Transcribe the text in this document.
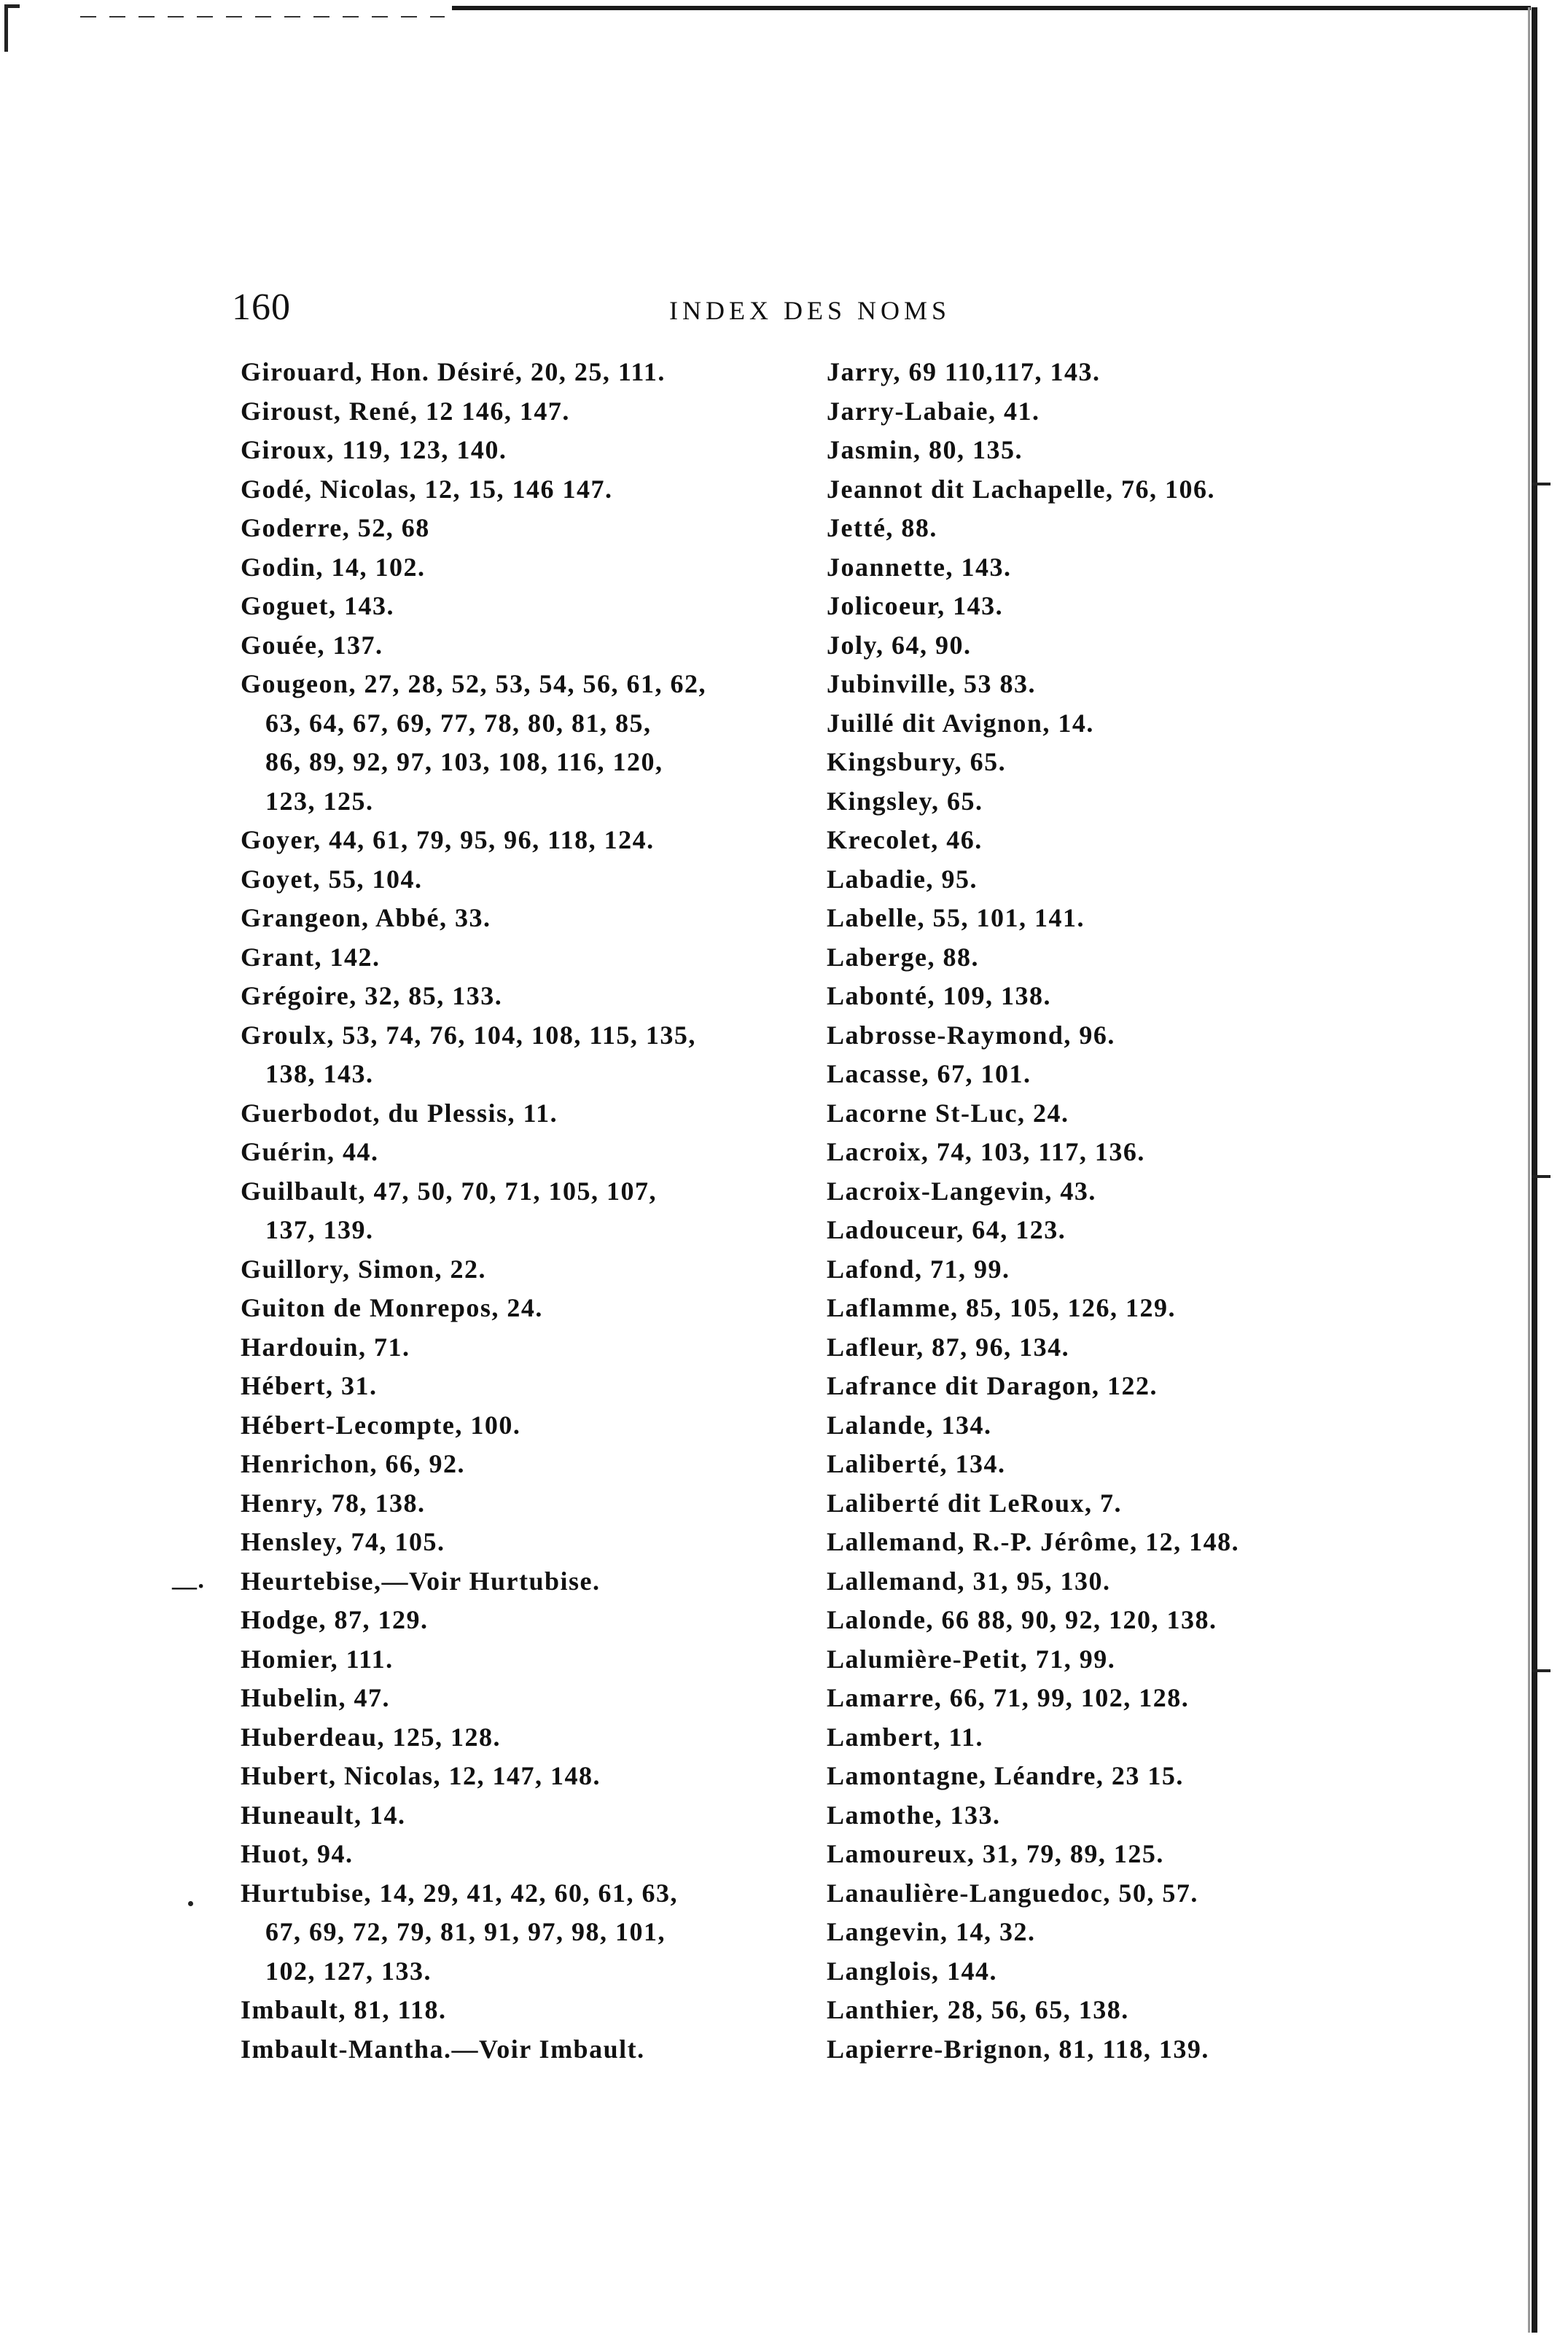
160	INDEX DES NOMS
Girouard, Hon. Désiré, 20, 25, 111.
Giroust, René, 12 146, 147.
Giroux, 119, 123, 140.
Godé, Nicolas, 12, 15, 146 147.
Goderre, 52, 68
Godin, 14, 102.
Goguet, 143.
Gouée, 137.
Gougeon, 27, 28, 52, 53, 54, 56, 61, 62,
63, 64, 67, 69, 77, 78, 80, 81, 85,
86, 89, 92, 97, 103, 108, 116, 120,
123, 125.
Goyer, 44, 61, 79, 95, 96, 118, 124.
Goyet, 55, 104.
Grangeon, Abbé, 33.
Grant, 142.
Grégoire, 32, 85, 133.
Groulx, 53, 74, 76, 104, 108, 115, 135,
138, 143.
Guerbodot, du Plessis, 11.
Guérin, 44.
Guilbault, 47, 50, 70, 71, 105, 107,
137, 139.
Guillory, Simon, 22.
Guiton de Monrepos, 24.
Hardouin, 71.
Hébert, 31.
Hébert-Lecompte, 100.
Henrichon, 66, 92.
Henry, 78, 138.
Hensley, 74, 105.
Heurtebise,—Voir Hurtubise.
Hodge, 87, 129.
Homier, 111.
Hubelin, 47.
Huberdeau, 125, 128.
Hubert, Nicolas, 12, 147, 148.
Huneault, 14.
Huot, 94.
Hurtubise, 14, 29, 41, 42, 60, 61, 63,
67, 69, 72, 79, 81, 91, 97, 98, 101,
102, 127, 133.
Imbault, 81, 118.
Imbault-Mantha.—Voir Imbault.
Jarry, 69 110,117, 143.
Jarry-Labaie, 41.
Jasmin, 80, 135.
Jeannot dit Lachapelle, 76, 106.
Jetté, 88.
Joannette, 143.
Jolicoeur, 143.
Joly, 64, 90.
Jubinville, 53 83.
Juillé dit Avignon, 14.
Kingsbury, 65.
Kingsley, 65.
Krecolet, 46.
Labadie, 95.
Labelle, 55, 101, 141.
Laberge, 88.
Labonté, 109, 138.
Labrosse-Raymond, 96.
Lacasse, 67, 101.
Lacorne St-Luc, 24.
Lacroix, 74, 103, 117, 136.
Lacroix-Langevin, 43.
Ladouceur, 64, 123.
Lafond, 71, 99.
Laflamme, 85, 105, 126, 129.
Lafleur, 87, 96, 134.
Lafrance dit Daragon, 122.
Lalande, 134.
Laliberté, 134.
Laliberté dit LeRoux, 7.
Lallemand, R.-P. Jérôme, 12, 148.
Lallemand, 31, 95, 130.
Lalonde, 66 88, 90, 92, 120, 138.
Lalumière-Petit, 71, 99.
Lamarre, 66, 71, 99, 102, 128.
Lambert, 11.
Lamontagne, Léandre, 23 15.
Lamothe, 133.
Lamoureux, 31, 79, 89, 125.
Lanaulière-Languedoc, 50, 57.
Langevin, 14, 32.
Langlois, 144.
Lanthier, 28, 56, 65, 138.
Lapierre-Brignon, 81, 118, 139.
—·
